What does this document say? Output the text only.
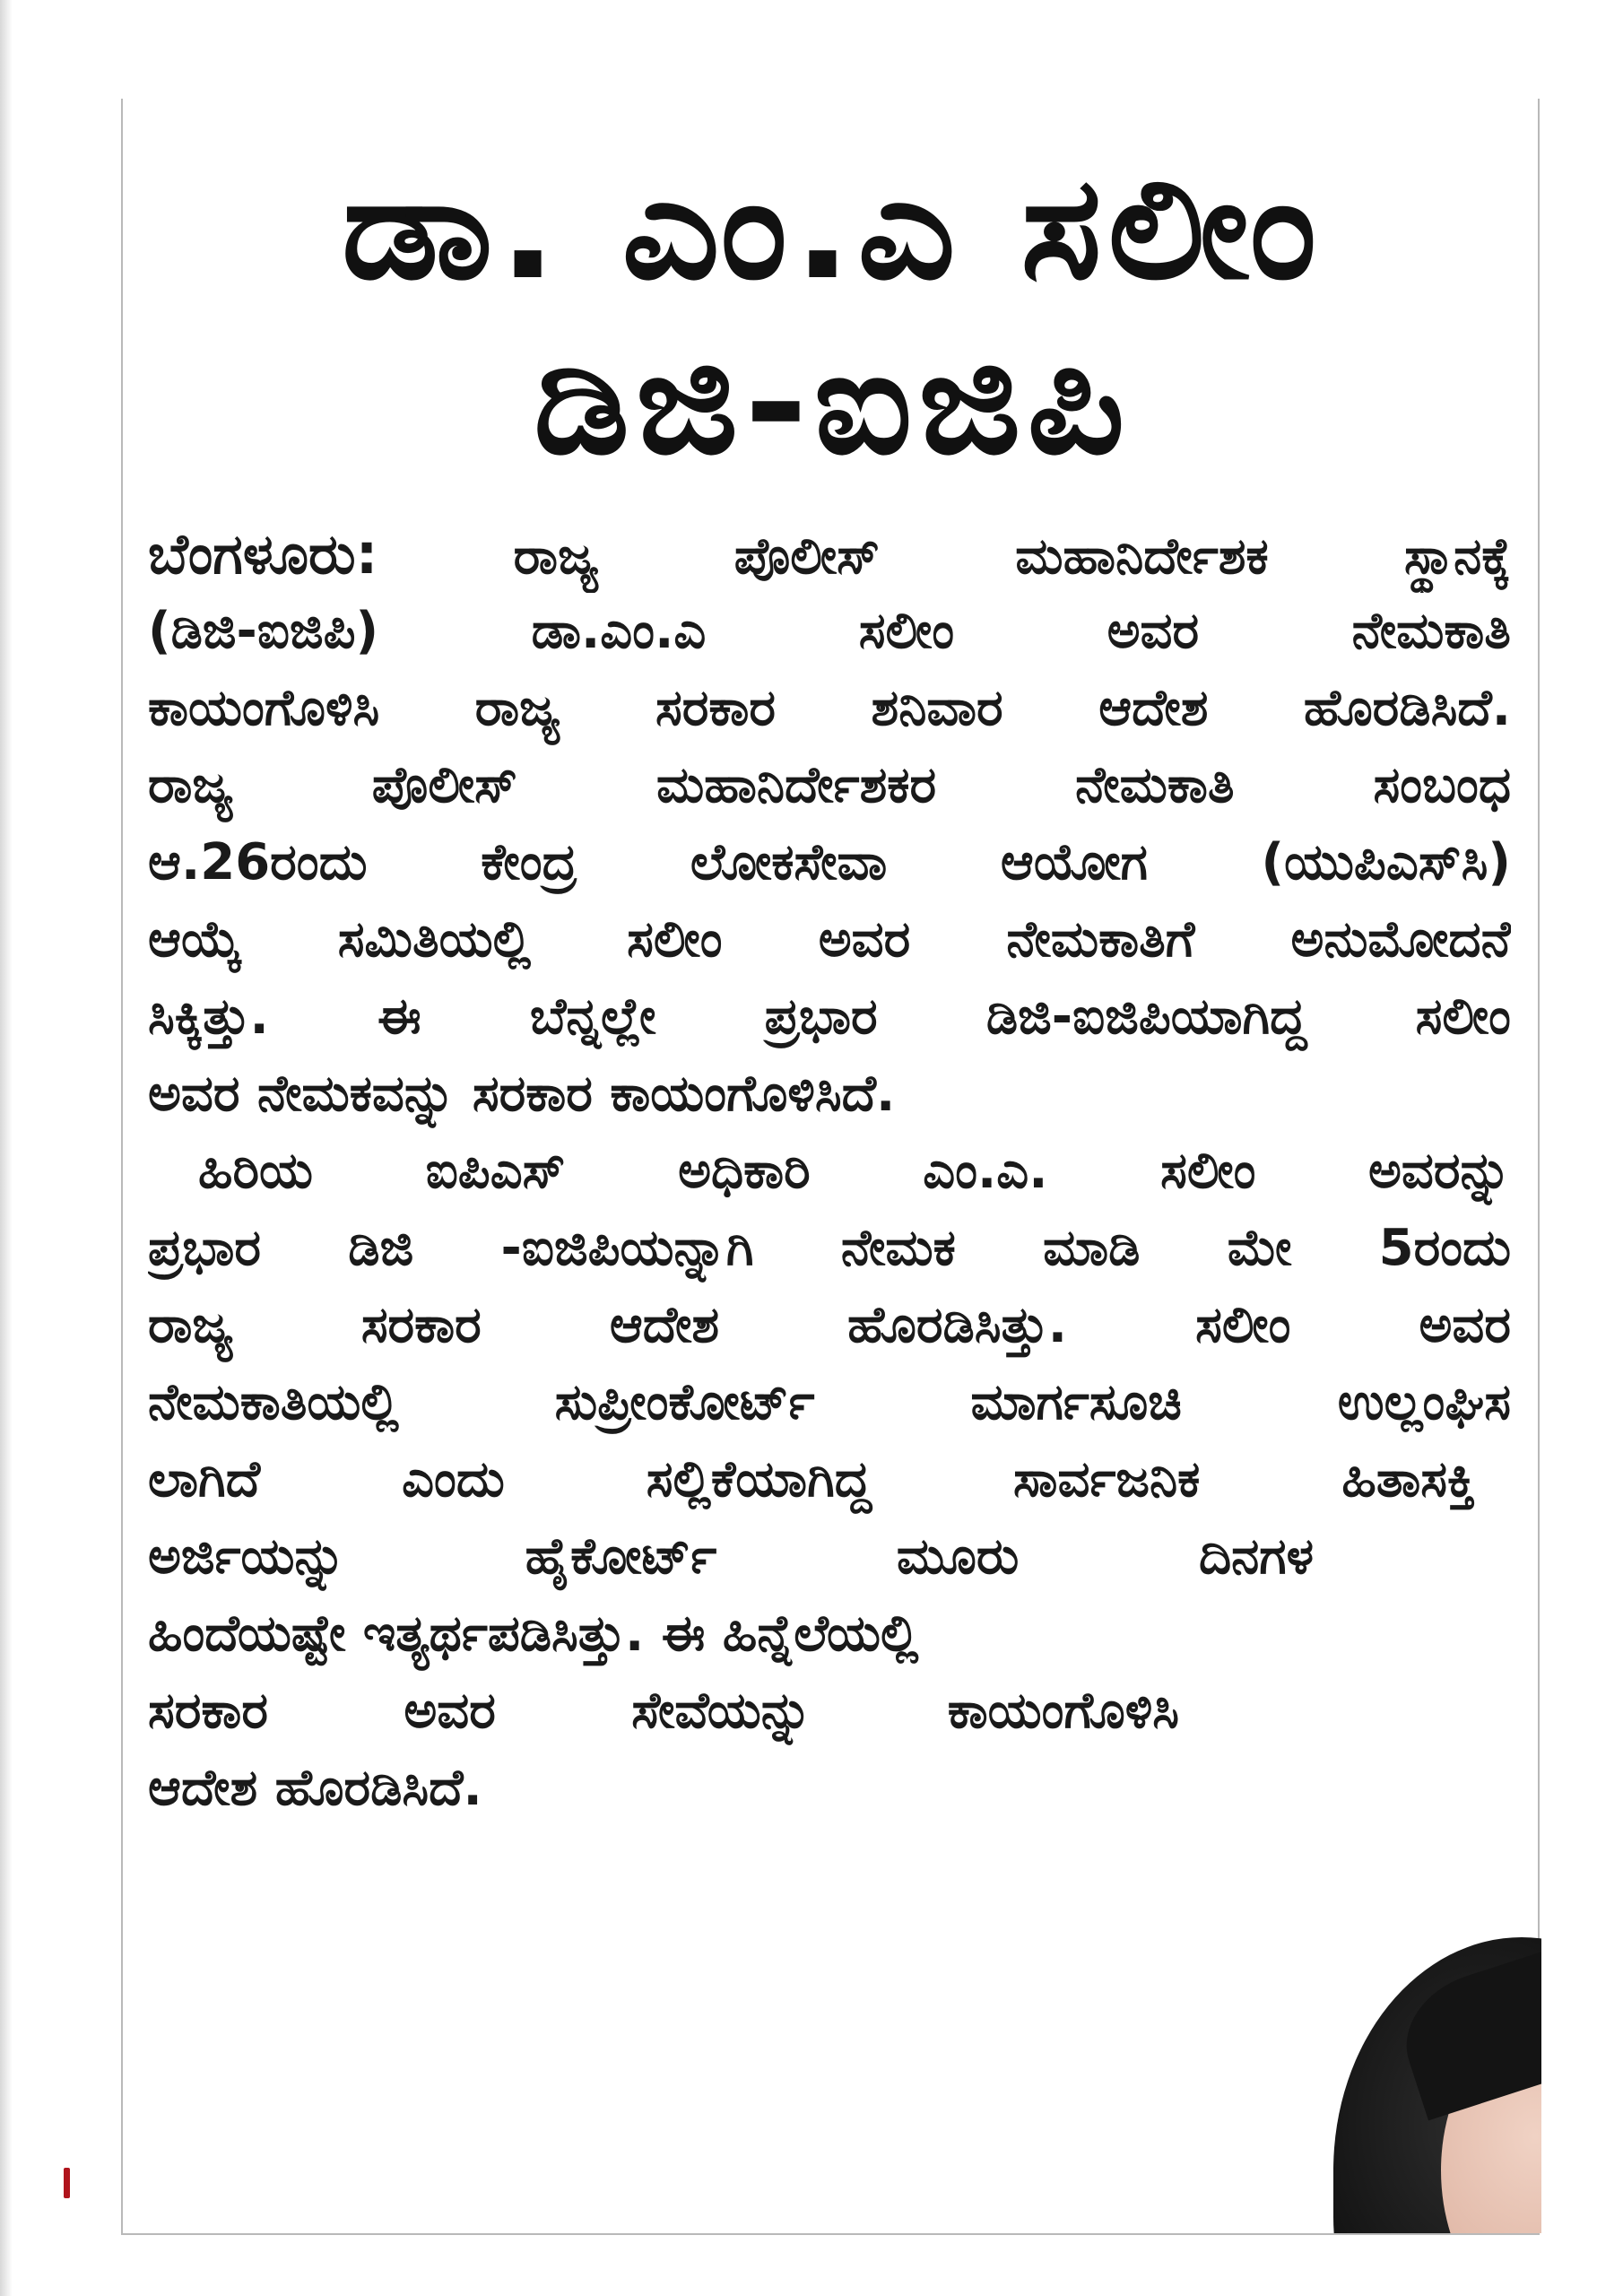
ಡಾ. ಎಂ.ಎ ಸಲೀಂ
ಡಿಜಿ-ಐಜಿಪಿ
ಬೆಂಗಳೂರು:	ರಾಜ್ಯ ಪೊಲೀಸ್ ಮಹಾನಿರ್ದೇಶಕ ಸ್ಥಾನಕ್ಕೆ
(ಡಿಜಿ-ಐಜಿಪಿ) ಡಾ.ಎಂ.ಎ ಸಲೀಂ ಅವರ ನೇಮಕಾತಿ
ಕಾಯಂಗೊಳಿಸಿ ರಾಜ್ಯ ಸರಕಾರ ಶನಿವಾರ ಆದೇಶ ಹೊರಡಿಸಿದೆ.
ರಾಜ್ಯ ಪೊಲೀಸ್ ಮಹಾನಿರ್ದೇಶಕರ ನೇಮಕಾತಿ ಸಂಬಂಧ
ಆ.26ರಂದು ಕೇಂದ್ರ ಲೋಕಸೇವಾ ಆಯೋಗ (ಯುಪಿಎಸ್‌ಸಿ)
ಆಯ್ಕೆ ಸಮಿತಿಯಲ್ಲಿ ಸಲೀಂ ಅವರ ನೇಮಕಾತಿಗೆ ಅನುಮೋದನೆ
ಸಿಕ್ಕಿತ್ತು. ಈ ಬೆನ್ನಲ್ಲೇ ಪ್ರಭಾರ ಡಿಜಿ-ಐಜಿಪಿಯಾಗಿದ್ದ ಸಲೀಂ
ಅವರ ನೇಮಕವನ್ನು ಸರಕಾರ ಕಾಯಂಗೊಳಿಸಿದೆ.
ಹಿರಿಯ ಐಪಿಎಸ್ ಅಧಿಕಾರಿ ಎಂ.ಎ. ಸಲೀಂ ಅವರನ್ನು
ಪ್ರಭಾರ ಡಿಜಿ -ಐಜಿಪಿಯನ್ನಾಗಿ ನೇಮಕ ಮಾಡಿ ಮೇ 5ರಂದು
ರಾಜ್ಯ ಸರಕಾರ ಆದೇಶ ಹೊರಡಿಸಿತ್ತು. ಸಲೀಂ ಅವರ
ನೇಮಕಾತಿಯಲ್ಲಿ ಸುಪ್ರೀಂಕೋರ್ಟ್ ಮಾರ್ಗಸೂಚಿ ಉಲ್ಲಂಘಿಸ
ಲಾಗಿದೆ ಎಂದು ಸಲ್ಲಿಕೆಯಾಗಿದ್ದ ಸಾರ್ವಜನಿಕ ಹಿತಾಸಕ್ತಿ
ಅರ್ಜಿಯನ್ನು ಹೈಕೋರ್ಟ್ ಮೂರು ದಿನಗಳ
ಹಿಂದೆಯಷ್ಟೇ ಇತ್ಯರ್ಥಪಡಿಸಿತ್ತು. ಈ ಹಿನ್ನೆಲೆಯಲ್ಲಿ
ಸರಕಾರ ಅವರ ಸೇವೆಯನ್ನು ಕಾಯಂಗೊಳಿಸಿ
ಆದೇಶ ಹೊರಡಿಸಿದೆ.
